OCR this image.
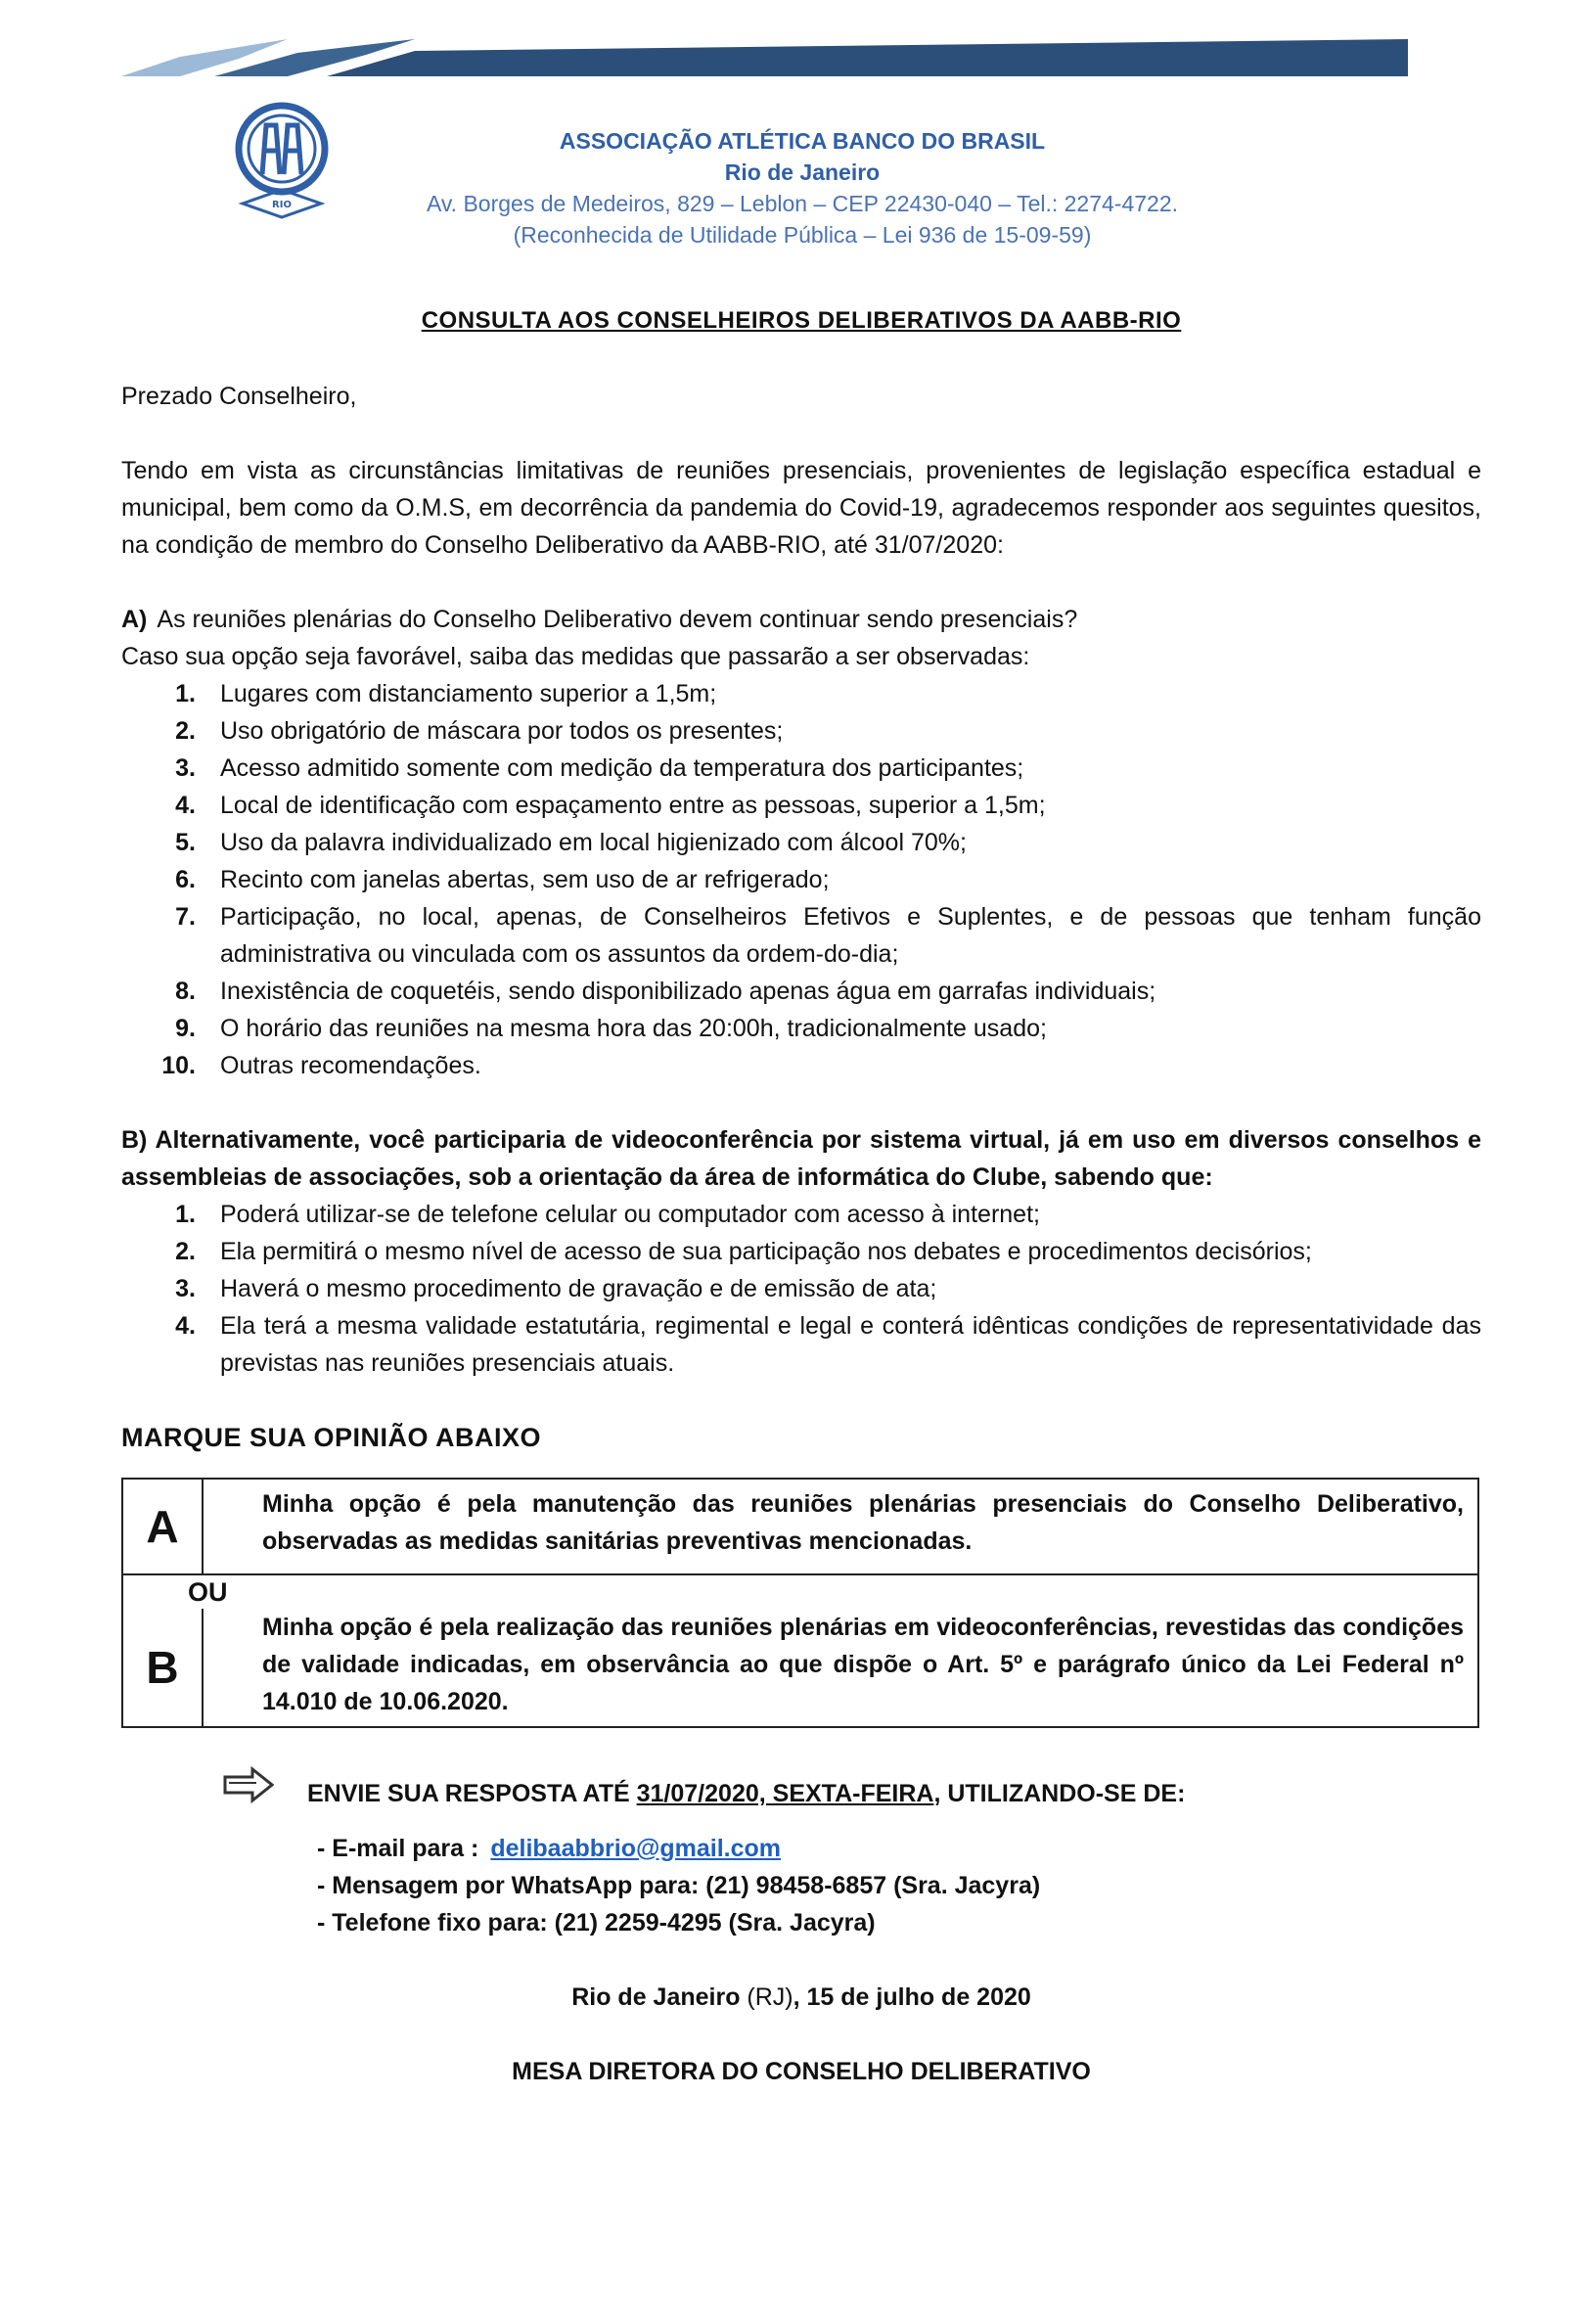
RIO
ASSOCIAÇÃO ATLÉTICA BANCO DO BRASIL
Rio de Janeiro
Av. Borges de Medeiros, 829 – Leblon – CEP 22430-040 – Tel.: 2274-4722.
(Reconhecida de Utilidade Pública – Lei 936 de 15-09-59)
CONSULTA AOS CONSELHEIROS DELIBERATIVOS DA AABB-RIO

Prezado Conselheiro,

Tendo em vista as circunstâncias limitativas de reuniões presenciais, provenientes de legislação específica estadual e municipal, bem como da O.M.S, em decorrência da pandemia do Covid-19, agradecemos responder aos seguintes quesitos, na condição de membro do Conselho Deliberativo da AABB-RIO, até 31/07/2020:

A) As reuniões plenárias do Conselho Deliberativo devem continuar sendo presenciais?

Caso sua opção seja favorável, saiba das medidas que passarão a ser observadas:

1. Lugares com distanciamento superior a 1,5m;
2. Uso obrigatório de máscara por todos os presentes;
3. Acesso admitido somente com medição da temperatura dos participantes;
4. Local de identificação com espaçamento entre as pessoas, superior a 1,5m;
5. Uso da palavra individualizado em local higienizado com álcool 70%;
6. Recinto com janelas abertas, sem uso de ar refrigerado;
7. Participação, no local, apenas, de Conselheiros Efetivos e Suplentes, e de pessoas que tenham função administrativa ou vinculada com os assuntos da ordem-do-dia;
8. Inexistência de coquetéis, sendo disponibilizado apenas água em garrafas individuais;
9. O horário das reuniões na mesma hora das 20:00h, tradicionalmente usado;
10. Outras recomendações.

B) Alternativamente, você participaria de videoconferência por sistema virtual, já em uso em diversos conselhos e assembleias de associações, sob a orientação da área de informática do Clube, sabendo que:

1. Poderá utilizar-se de telefone celular ou computador com acesso à internet;
2. Ela permitirá o mesmo nível de acesso de sua participação nos debates e procedimentos decisórios;
3. Haverá o mesmo procedimento de gravação e de emissão de ata;
4. Ela terá a mesma validade estatutária, regimental e legal e conterá idênticas condições de representatividade das previstas nas reuniões presenciais atuais.

MARQUE SUA OPINIÃO ABAIXO

A	Minha opção é pela manutenção das reuniões plenárias presenciais do Conselho Deliberativo, observadas as medidas sanitárias preventivas mencionadas.
OU	
B	Minha opção é pela realização das reuniões plenárias em videoconferências, revestidas das condições de validade indicadas, em observância ao que dispõe o Art. 5º e parágrafo único da Lei Federal nº 14.010 de 10.06.2020.
ENVIE SUA RESPOSTA ATÉ 31/07/2020, SEXTA-FEIRA, UTILIZANDO-SE DE:
- E-mail para : delibaabbrio@gmail.com
- Mensagem por WhatsApp para: (21) 98458-6857 (Sra. Jacyra)
- Telefone fixo para: (21) 2259-4295 (Sra. Jacyra)

Rio de Janeiro (RJ), 15 de julho de 2020

MESA DIRETORA DO CONSELHO DELIBERATIVO
